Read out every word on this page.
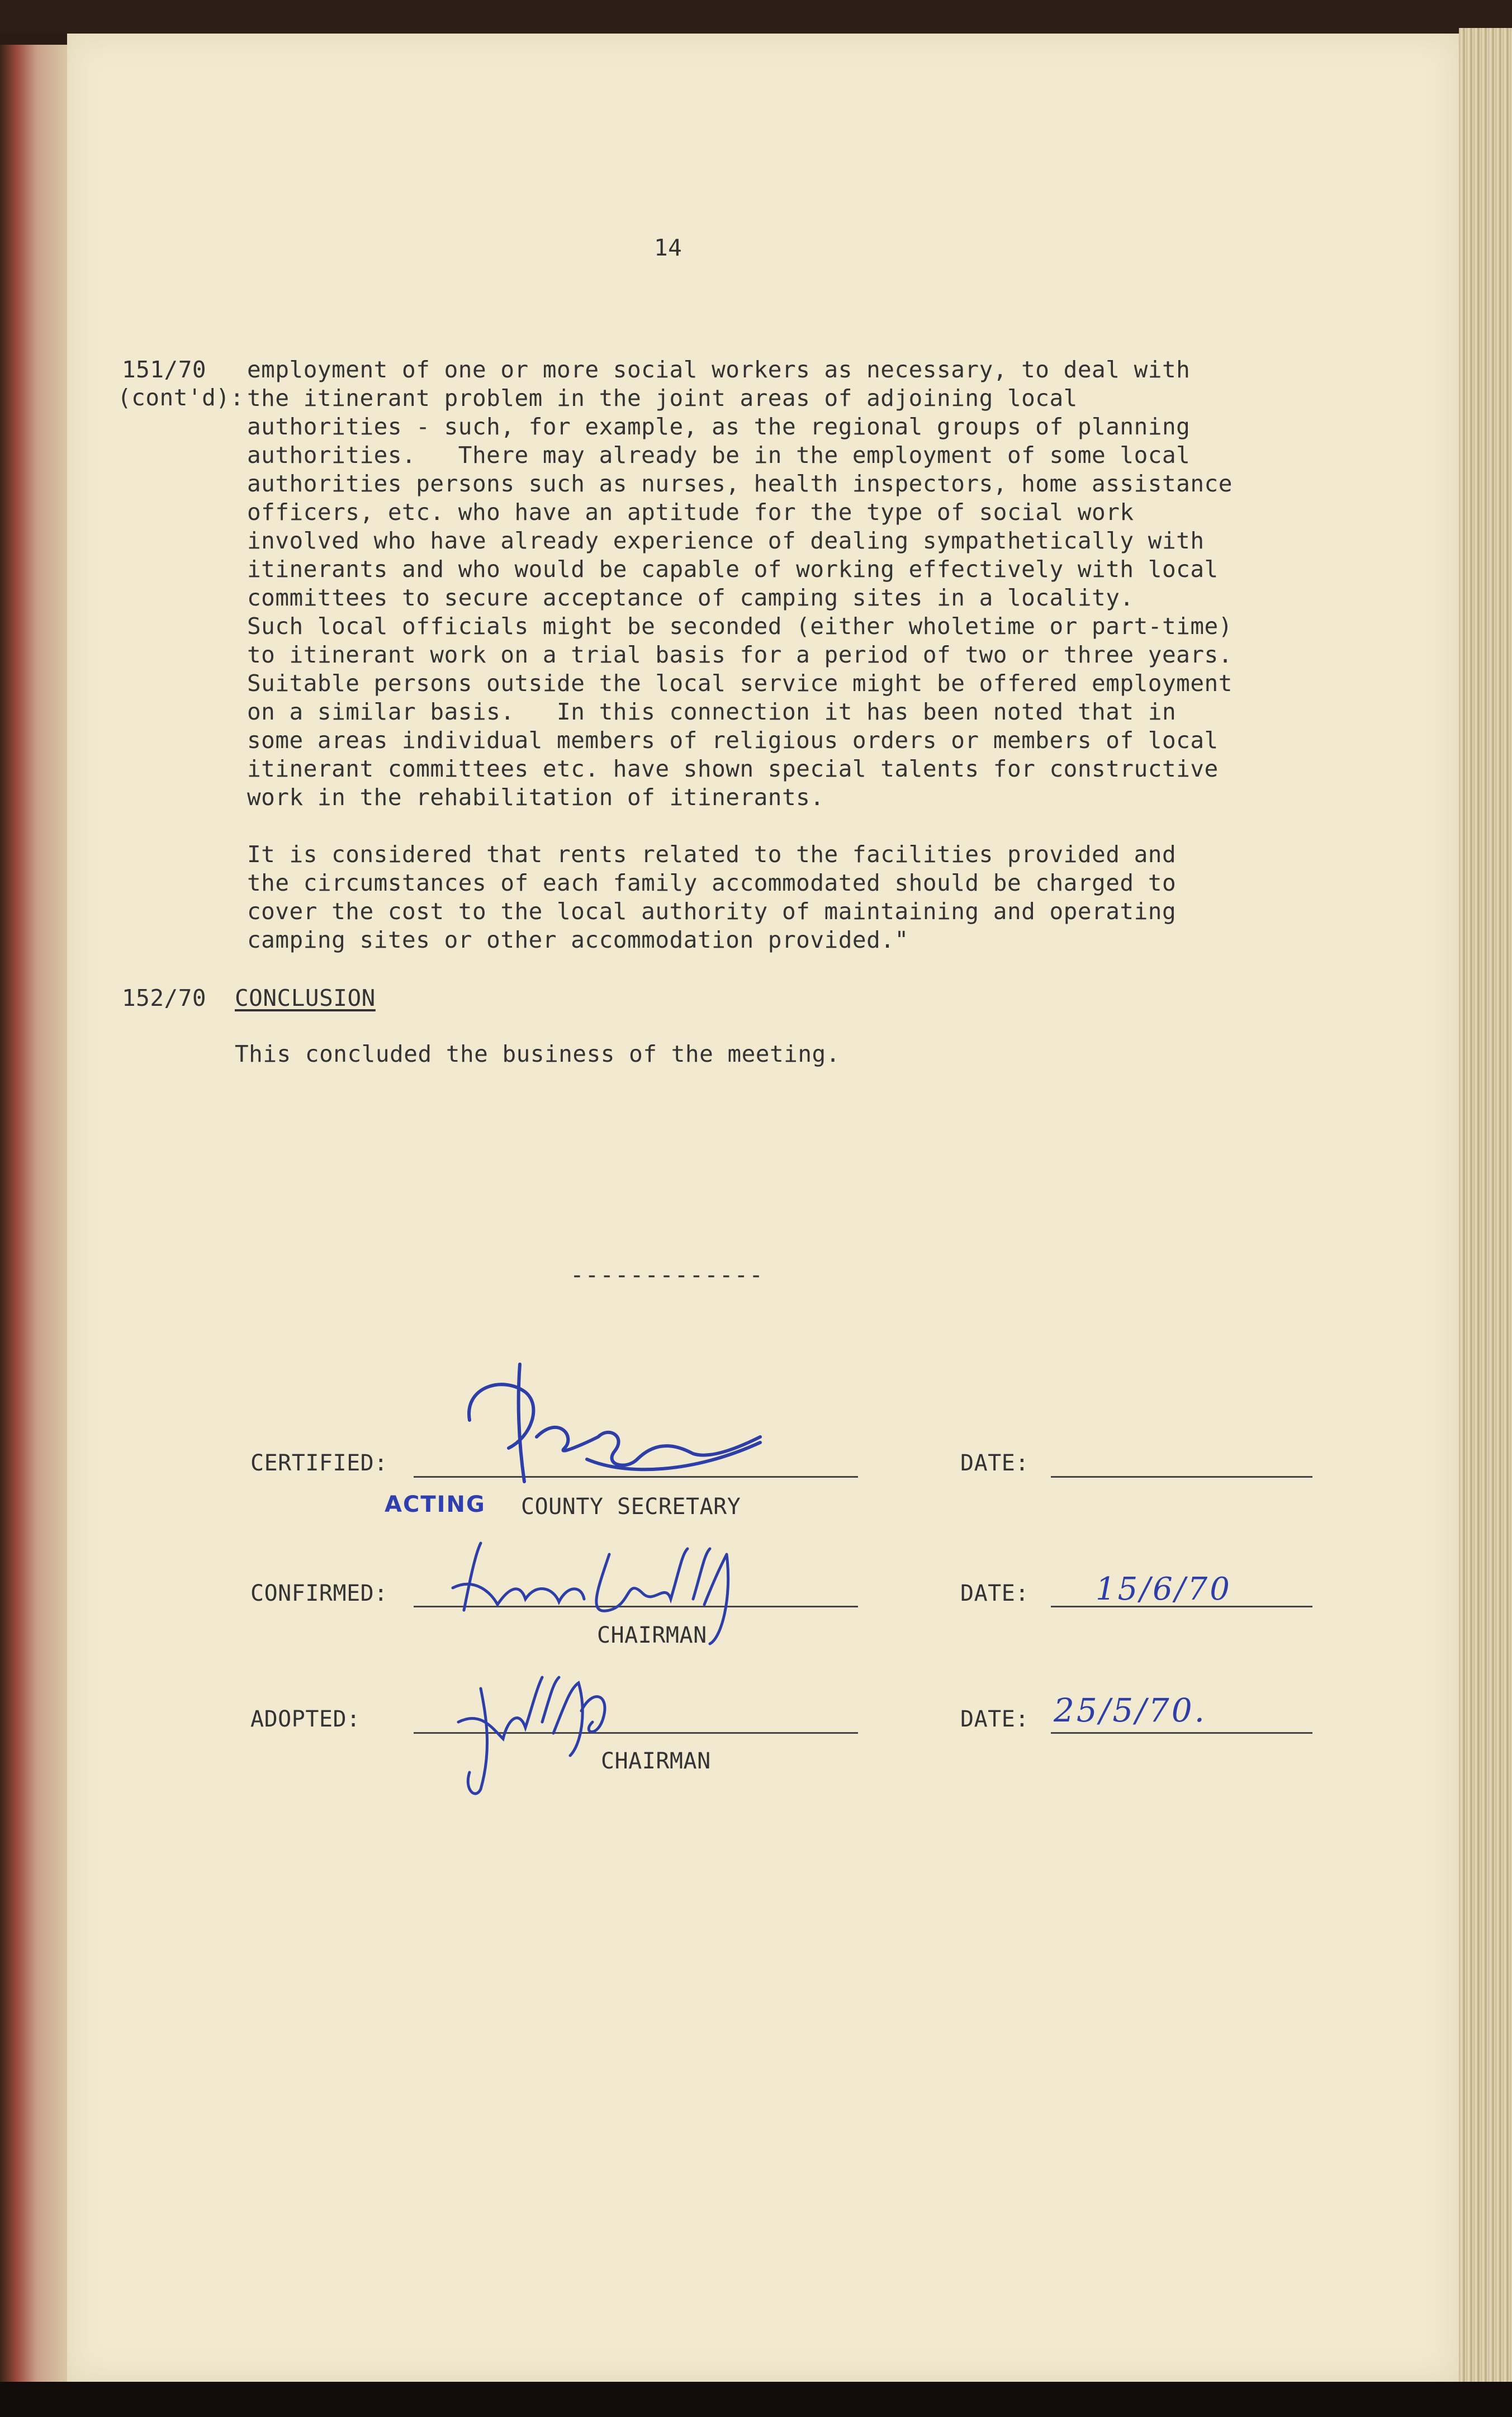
14
151/70
(cont'd):
employment of one or more social workers as necessary, to deal with
the itinerant problem in the joint areas of adjoining local
authorities - such, for example, as the regional groups of planning
authorities.   There may already be in the employment of some local
authorities persons such as nurses, health inspectors, home assistance
officers, etc. who have an aptitude for the type of social work
involved who have already experience of dealing sympathetically with
itinerants and who would be capable of working effectively with local
committees to secure acceptance of camping sites in a locality.
Such local officials might be seconded (either wholetime or part-time)
to itinerant work on a trial basis for a period of two or three years.
Suitable persons outside the local service might be offered employment
on a similar basis.   In this connection it has been noted that in
some areas individual members of religious orders or members of local
itinerant committees etc. have shown special talents for constructive
work in the rehabilitation of itinerants.
It is considered that rents related to the facilities provided and
the circumstances of each family accommodated should be charged to
cover the cost to the local authority of maintaining and operating
camping sites or other accommodation provided."
152/70 CONCLUSION
This concluded the business of the meeting.
-------------
CERTIFIED:
ACTING COUNTY SECRETARY
DATE:
CONFIRMED:
CHAIRMAN
DATE: 15/6/70
ADOPTED:
CHAIRMAN
DATE: 25/5/70.
